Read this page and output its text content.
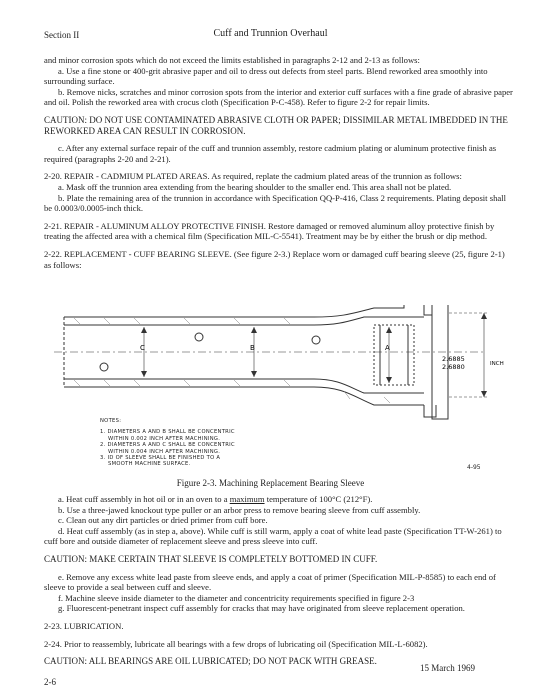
Section II	Cuff and Trunnion Overhaul

and minor corrosion spots which do not exceed the limits established in paragraphs 2-12 and 2-13 as follows:

a. Use a fine stone or 400-grit abrasive paper and oil to dress out defects from steel parts. Blend reworked area smoothly into surrounding surface.

b. Remove nicks, scratches and minor corrosion spots from the interior and exterior cuff surfaces with a fine grade of abrasive paper and oil. Polish the reworked area with crocus cloth (Specification P-C-458). Refer to figure 2-2 for repair limits.

CAUTION: DO NOT USE CONTAMINATED ABRASIVE CLOTH OR PAPER; DISSIMILAR METAL IMBEDDED IN THE REWORKED AREA CAN RESULT IN CORROSION.

c. After any external surface repair of the cuff and trunnion assembly, restore cadmium plating or aluminum protective finish as required (paragraphs 2-20 and 2-21).

2-20. REPAIR - CADMIUM PLATED AREAS. As required, replate the cadmium plated areas of the trunnion as follows:

a. Mask off the trunnion area extending from the bearing shoulder to the smaller end. This area shall not be plated.

b. Plate the remaining area of the trunnion in accordance with Specification QQ-P-416, Class 2 requirements. Plating deposit shall be 0.0003/0.0005-inch thick.

2-21. REPAIR - ALUMINUM ALLOY PROTECTIVE FINISH. Restore damaged or removed aluminum alloy protective finish by treating the affected area with a chemical film (Specification MIL-C-5541). Treatment may be by either the brush or dip method.

2-22. REPLACEMENT - CUFF BEARING SLEEVE. (See figure 2-3.) Replace worn or damaged cuff bearing sleeve (25, figure 2-1) as follows:

C	B	A
2.6885
2.6880	INCH

NOTES:

1. DIAMETERS A AND B SHALL BE CONCENTRIC

WITHIN 0.002 INCH AFTER MACHINING.

2. DIAMETERS A AND C SHALL BE CONCENTRIC

WITHIN 0.004 INCH AFTER MACHINING.

3. ID OF SLEEVE SHALL BE FINISHED TO A

SMOOTH MACHINE SURFACE.	4-95
Figure 2-3. Machining Replacement Bearing Sleeve

a. Heat cuff assembly in hot oil or in an oven to a maximum temperature of 100°C (212°F).

b. Use a three-jawed knockout type puller or an arbor press to remove bearing sleeve from cuff assembly.

c. Clean out any dirt particles or dried primer from cuff bore.

d. Heat cuff assembly (as in step a, above). While cuff is still warm, apply a coat of white lead paste (Specification TT-W-261) to cuff bore and outside diameter of replacement sleeve and press sleeve into cuff.

CAUTION: MAKE CERTAIN THAT SLEEVE IS COMPLETELY BOTTOMED IN CUFF.

e. Remove any excess white lead paste from sleeve ends, and apply a coat of primer (Specification MIL-P-8585) to each end of sleeve to provide a seal between cuff and sleeve.

f. Machine sleeve inside diameter to the diameter and concentricity requirements specified in figure 2-3

g. Fluorescent-penetrant inspect cuff assembly for cracks that may have originated from sleeve replacement operation.

2-23. LUBRICATION.

2-24. Prior to reassembly, lubricate all bearings with a few drops of lubricating oil (Specification MIL-L-6082).

CAUTION: ALL BEARINGS ARE OIL LUBRICATED; DO NOT PACK WITH GREASE.

2-6
15 March 1969
